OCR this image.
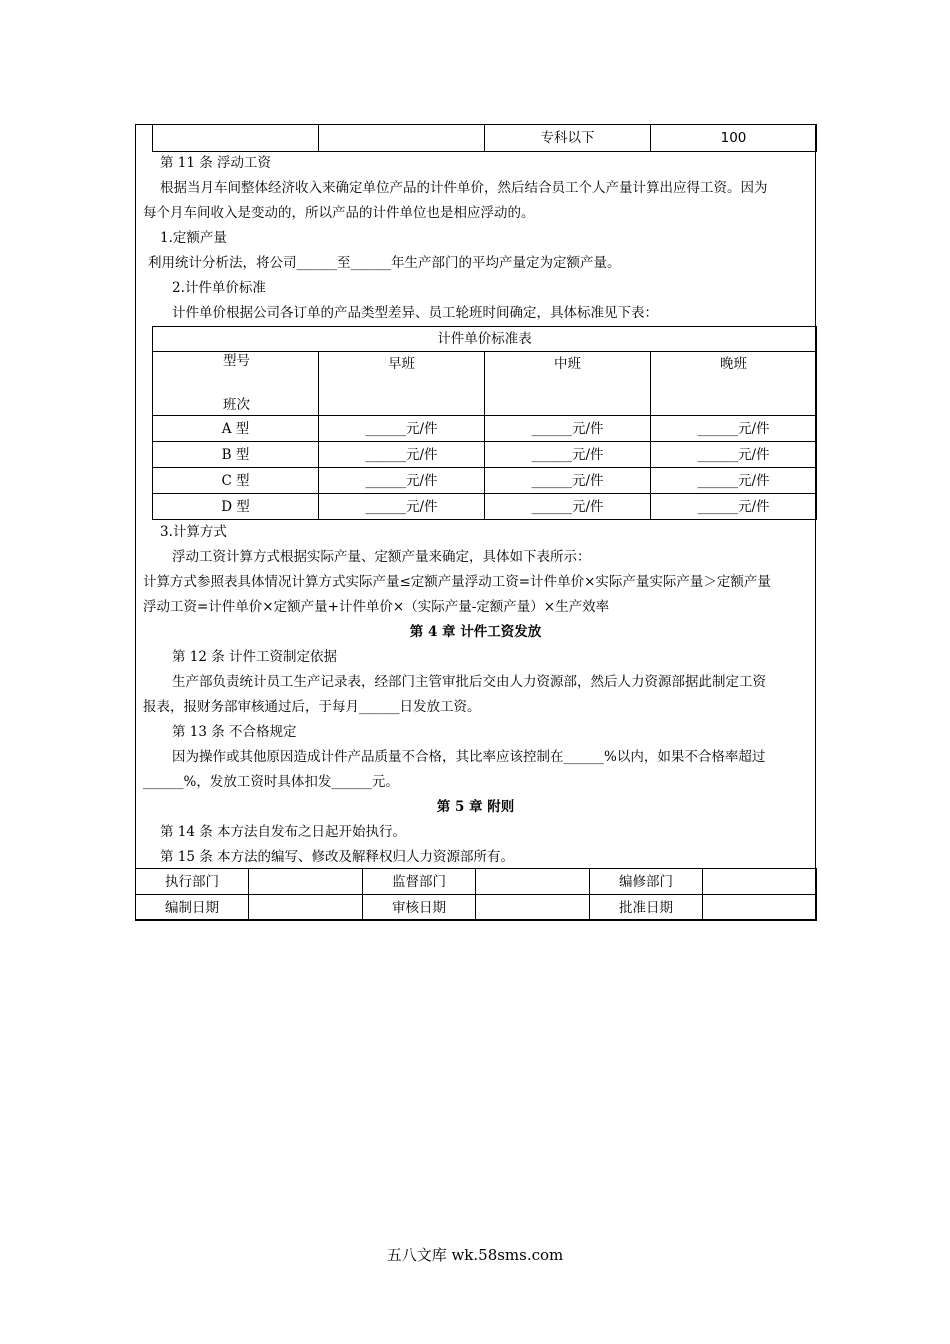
		专科以下	100
第 11 条 浮动工资
根据当月车间整体经济收入来确定单位产品的计件单价，然后结合员工个人产量计算出应得工资。因为
每个月车间收入是变动的，所以产品的计件单位也是相应浮动的。
1.定额产量
利用统计分析法，将公司______至______年生产部门的平均产量定为定额产量。
2.计件单价标准
计件单价根据公司各订单的产品类型差异、员工轮班时间确定，具体标准见下表：
计件单价标准表			

型号
班次	早班	中班	晚班
A 型	______元/件	______元/件	______元/件
B 型	______元/件	______元/件	______元/件
C 型	______元/件	______元/件	______元/件
D 型	______元/件	______元/件	______元/件
3.计算方式
浮动工资计算方式根据实际产量、定额产量来确定，具体如下表所示：
计算方式参照表具体情况计算方式实际产量≤定额产量浮动工资=计件单价×实际产量实际产量＞定额产量
浮动工资=计件单价×定额产量+计件单价×（实际产量-定额产量）×生产效率
第 4 章 计件工资发放
第 12 条 计件工资制定依据
生产部负责统计员工生产记录表，经部门主管审批后交由人力资源部，然后人力资源部据此制定工资
报表，报财务部审核通过后，于每月______日发放工资。
第 13 条 不合格规定
因为操作或其他原因造成计件产品质量不合格，其比率应该控制在______%以内，如果不合格率超过
______%，发放工资时具体扣发______元。
第 5 章 附则
第 14 条 本方法自发布之日起开始执行。
第 15 条 本方法的编写、修改及解释权归人力资源部所有。
执行部门		监督部门		编修部门	
编制日期		审核日期		批准日期	
五八文库 wk.58sms.com
